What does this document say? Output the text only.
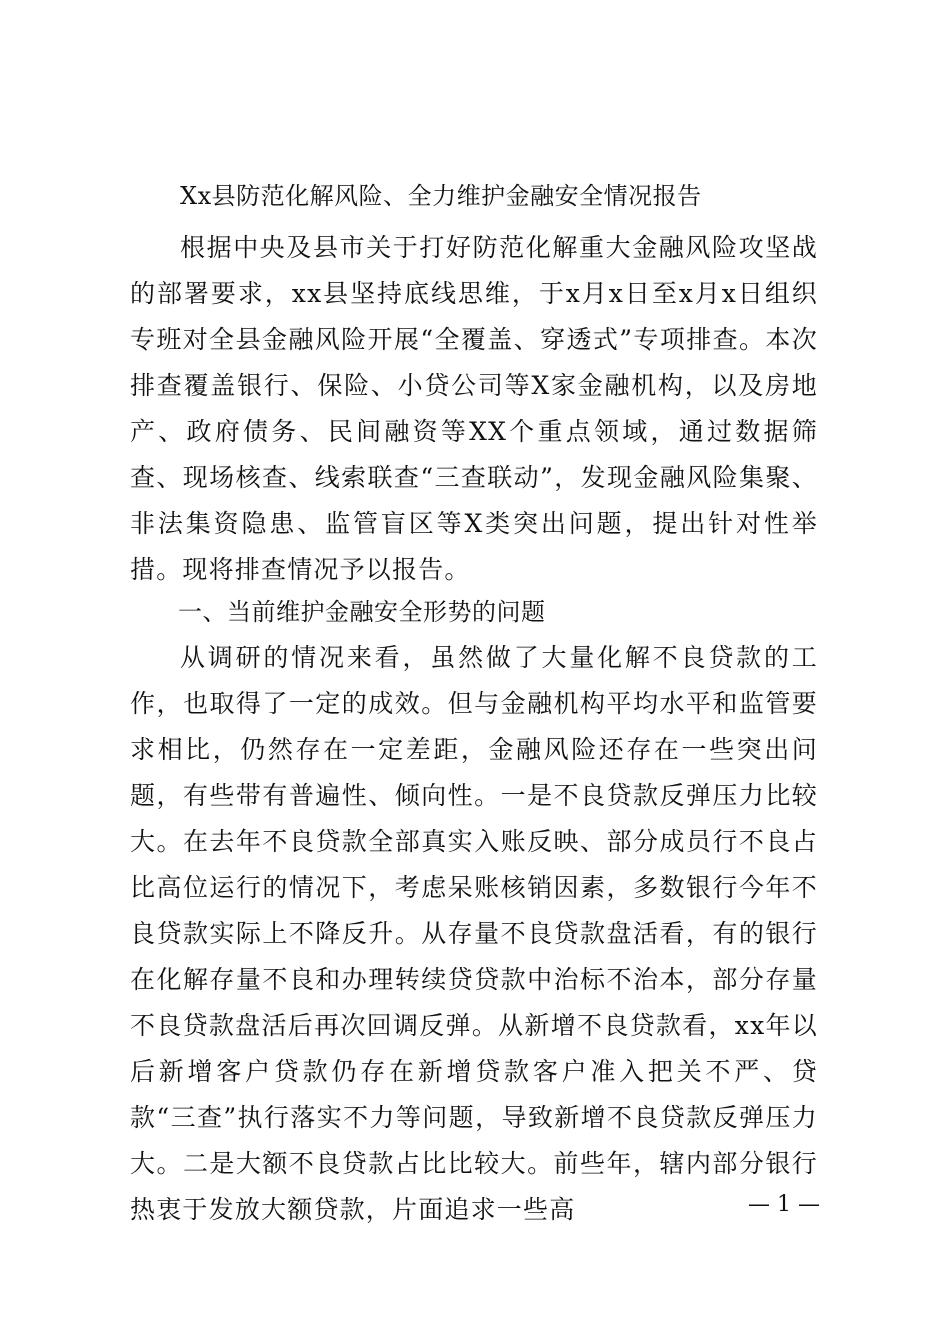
Xx县防范化解风险、全力维护金融安全情况报告

根据中央及县市关于打好防范化解重大金融风险攻坚战的部署要求，xx县坚持底线思维，于x月x日至x月x日组织专班对全县金融风险开展“全覆盖、穿透式”专项排查。本次排查覆盖银行、保险、小贷公司等X家金融机构，以及房地产、政府债务、民间融资等XX个重点领域，通过数据筛查、现场核查、线索联查“三查联动”，发现金融风险集聚、非法集资隐患、监管盲区等X类突出问题，提出针对性举措。现将排查情况予以报告。

一、当前维护金融安全形势的问题

从调研的情况来看，虽然做了大量化解不良贷款的工作，也取得了一定的成效。但与金融机构平均水平和监管要求相比，仍然存在一定差距，金融风险还存在一些突出问题，有些带有普遍性、倾向性。一是不良贷款反弹压力比较大。在去年不良贷款全部真实入账反映、部分成员行不良占比高位运行的情况下，考虑呆账核销因素，多数银行今年不良贷款实际上不降反升。从存量不良贷款盘活看，有的银行在化解存量不良和办理转续贷贷款中治标不治本，部分存量不良贷款盘活后再次回调反弹。从新增不良贷款看，xx年以后新增客户贷款仍存在新增贷款客户准入把关不严、贷款“三查”执行落实不力等问题，导致新增不良贷款反弹压力大。二是大额不良贷款占比比较大。前些年，辖内部分银行热衷于发放大额贷款，片面追求一些高	— 1 —
